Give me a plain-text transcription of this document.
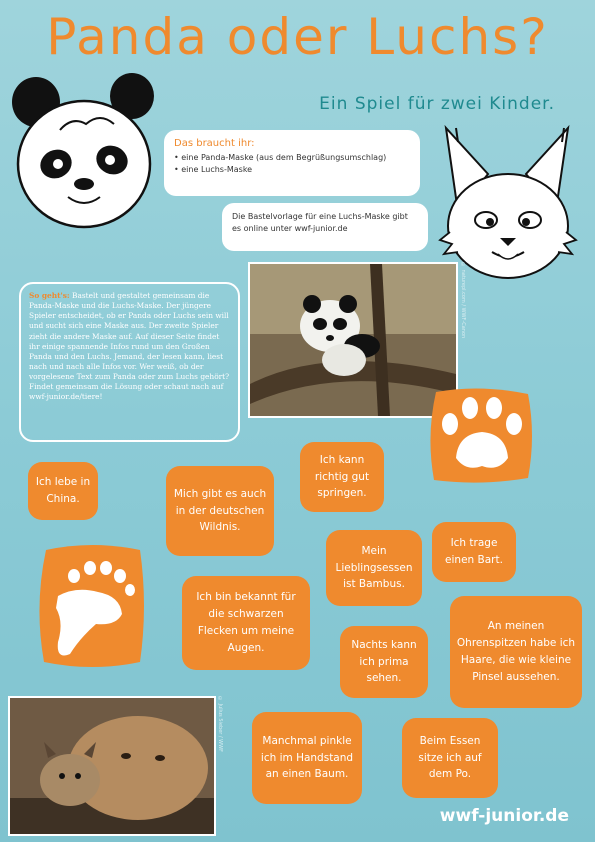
Panda oder Luchs?
Ein Spiel für zwei Kinder.
Das braucht ihr:
• eine Panda-Maske (aus dem Begrüßungsumschlag)
• eine Luchs-Maske
Die Bastelvorlage für eine Luchs-Maske gibt es online unter wwf-junior.de
So geht's: Bastelt und gestaltet gemeinsam die Panda-Maske und die Luchs-Maske. Der jüngere Spieler entscheidet, ob er Panda oder Luchs sein will und sucht sich eine Maske aus. Der zweite Spieler zieht die andere Maske auf. Auf dieser Seite findet ihr einige spannende Infos rund um den Großen Panda und den Luchs. Jemand, der lesen kann, liest nach und nach alle Infos vor. Wer weiß, ob der vorgelesene Text zum Panda oder zum Luchs gehört? Findet gemeinsam die Lösung oder schaut nach auf wwf-junior.de/tiere!
© naturepl.com / WWF-Canon
© Julius Sieber / WWF
Ich lebe in China.	Mich gibt es auch in der deutschen Wildnis.
Ich kann richtig gut springen.
Mein Lieblingsessen ist Bambus.
Ich trage einen Bart.
Ich bin bekannt für die schwarzen Flecken um meine Augen.	Nachts kann ich prima sehen.
An meinen Ohrenspitzen habe ich Haare, die wie kleine Pinsel aussehen.
Manchmal pinkle ich im Handstand an einen Baum.
Beim Essen sitze ich auf dem Po.
wwf-junior.de
